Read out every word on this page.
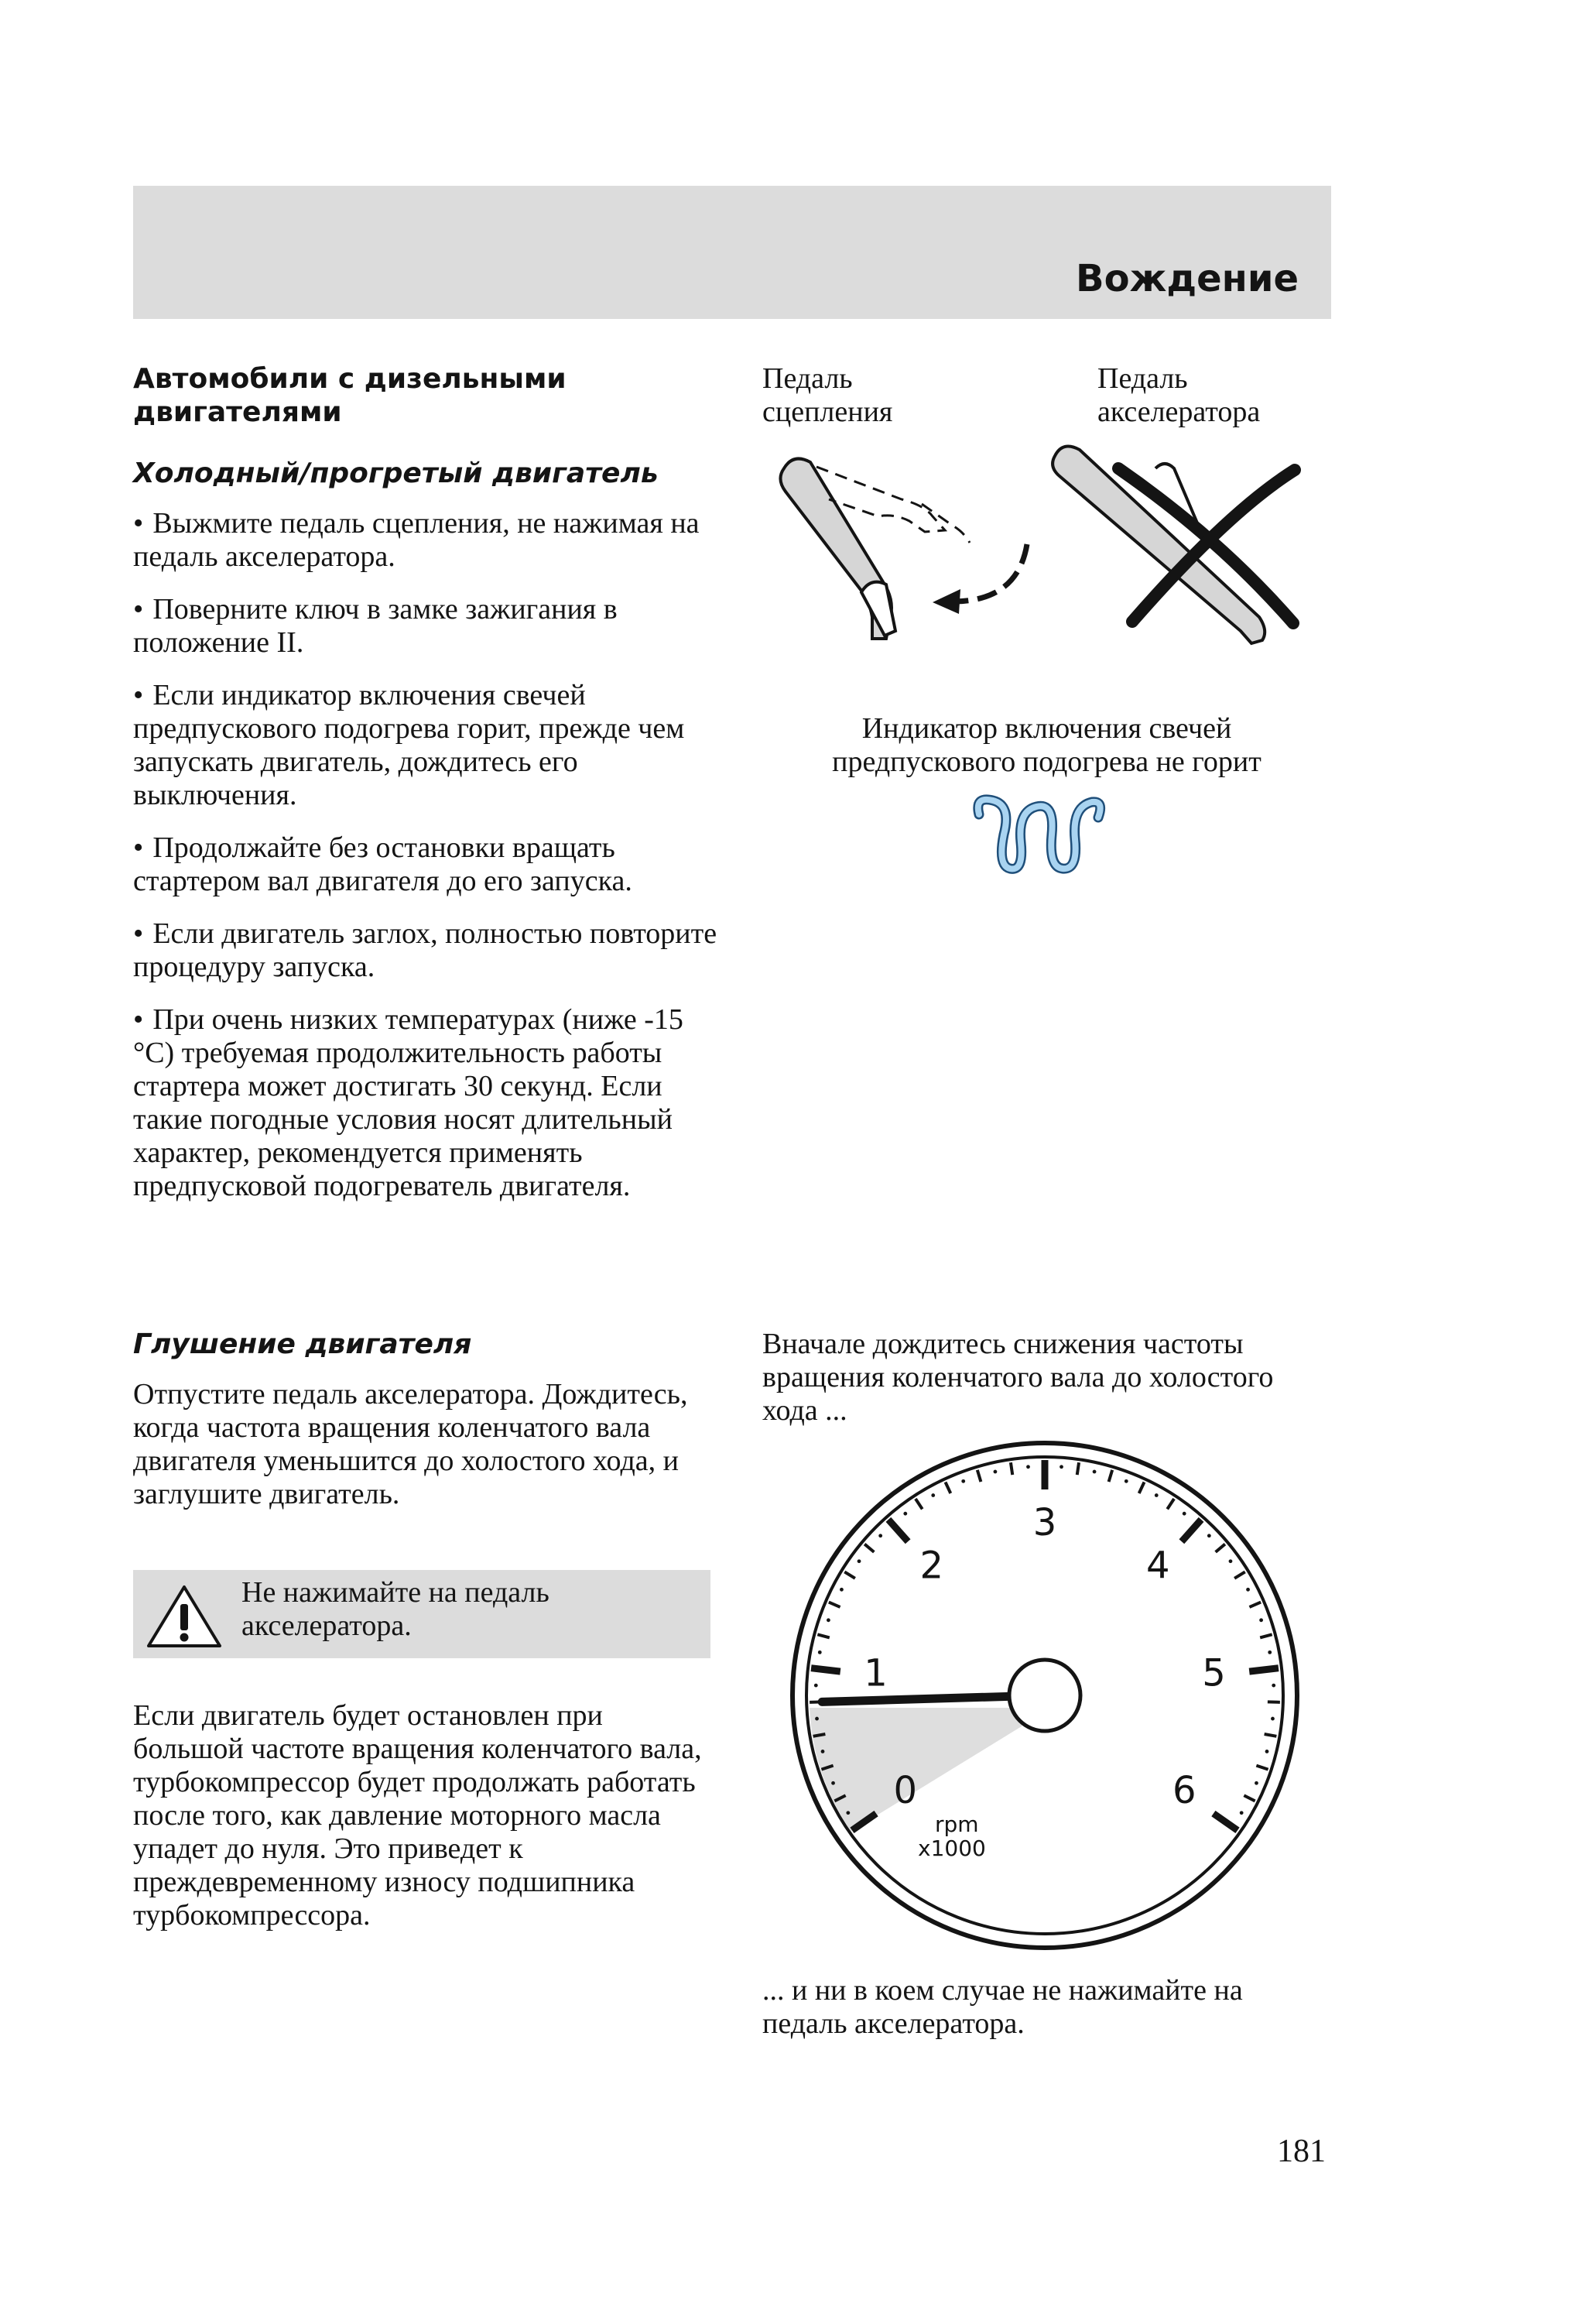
Вождение
Автомобили с дизельными двигателями
Холодный/прогретый двигатель
• Выжмите педаль сцепления, не нажимая на педаль акселератора.
• Поверните ключ в замке зажигания в положение II.
• Если индикатор включения свечей предпускового подогрева горит, прежде чем запускать двигатель, дождитесь его выключения.
• Продолжайте без остановки вращать стартером вал двигателя до его запуска.
• Если двигатель заглох, полностью повторите процедуру запуска.
• При очень низких температурах (ниже -15 °C) требуемая продолжительность работы стартера может достигать 30 секунд. Если такие погодные условия носят длительный характер, рекомендуется применять предпусковой подогреватель двигателя.
Глушение двигателя

Отпустите педаль акселератора. Дождитесь, когда частота вращения коленчатого вала двигателя уменьшится до холостого хода, и заглушите двигатель.

Не нажимайте на педаль акселератора.

Если двигатель будет остановлен при большой частоте вращения коленчатого вала, турбокомпрессор будет продолжать работать после того, как давление моторного масла упадет до нуля. Это приведет к преждевременному износу подшипника турбокомпрессора.

Педаль
сцепления

Педаль
акселератора

Индикатор включения свечей
предпускового подогрева не горит

Вначале дождитесь снижения частоты вращения коленчатого вала до холостого хода ...

... и ни в коем случае не нажимайте на педаль акселератора.

0
1
2
3
4
5
6
rpm
x1000

181
